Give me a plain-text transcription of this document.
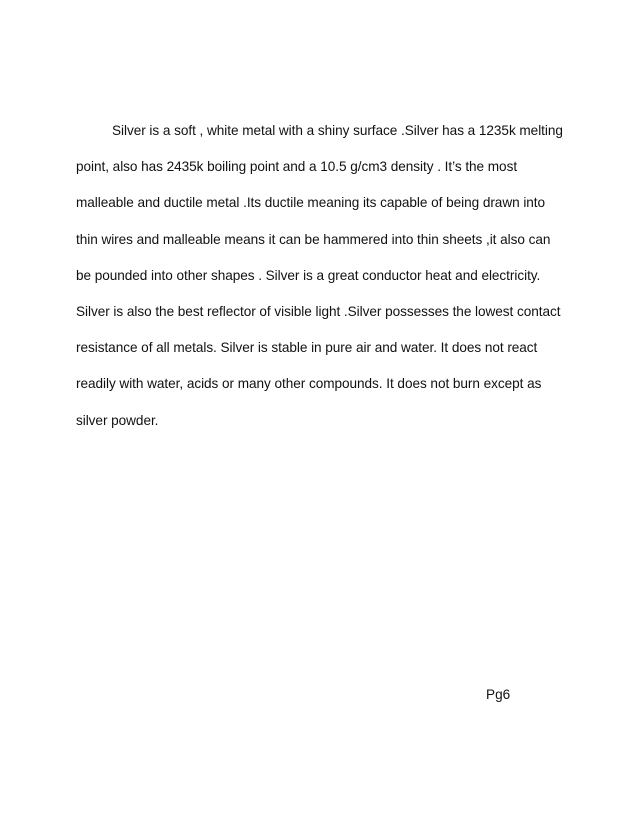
Silver is a soft , white metal with a shiny surface .Silver has a 1235k melting
point, also has 2435k boiling point and a 10.5 g/cm3 density . It’s the most
malleable and ductile metal .Its ductile meaning its capable of being drawn into
thin wires and malleable means it can be hammered into thin sheets ,it also can
be pounded into other shapes . Silver is a great conductor heat and electricity.
Silver is also the best reflector of visible light .Silver possesses the lowest contact
resistance of all metals. Silver is stable in pure air and water. It does not react
readily with water, acids or many other compounds. It does not burn except as
silver powder.
Pg6
